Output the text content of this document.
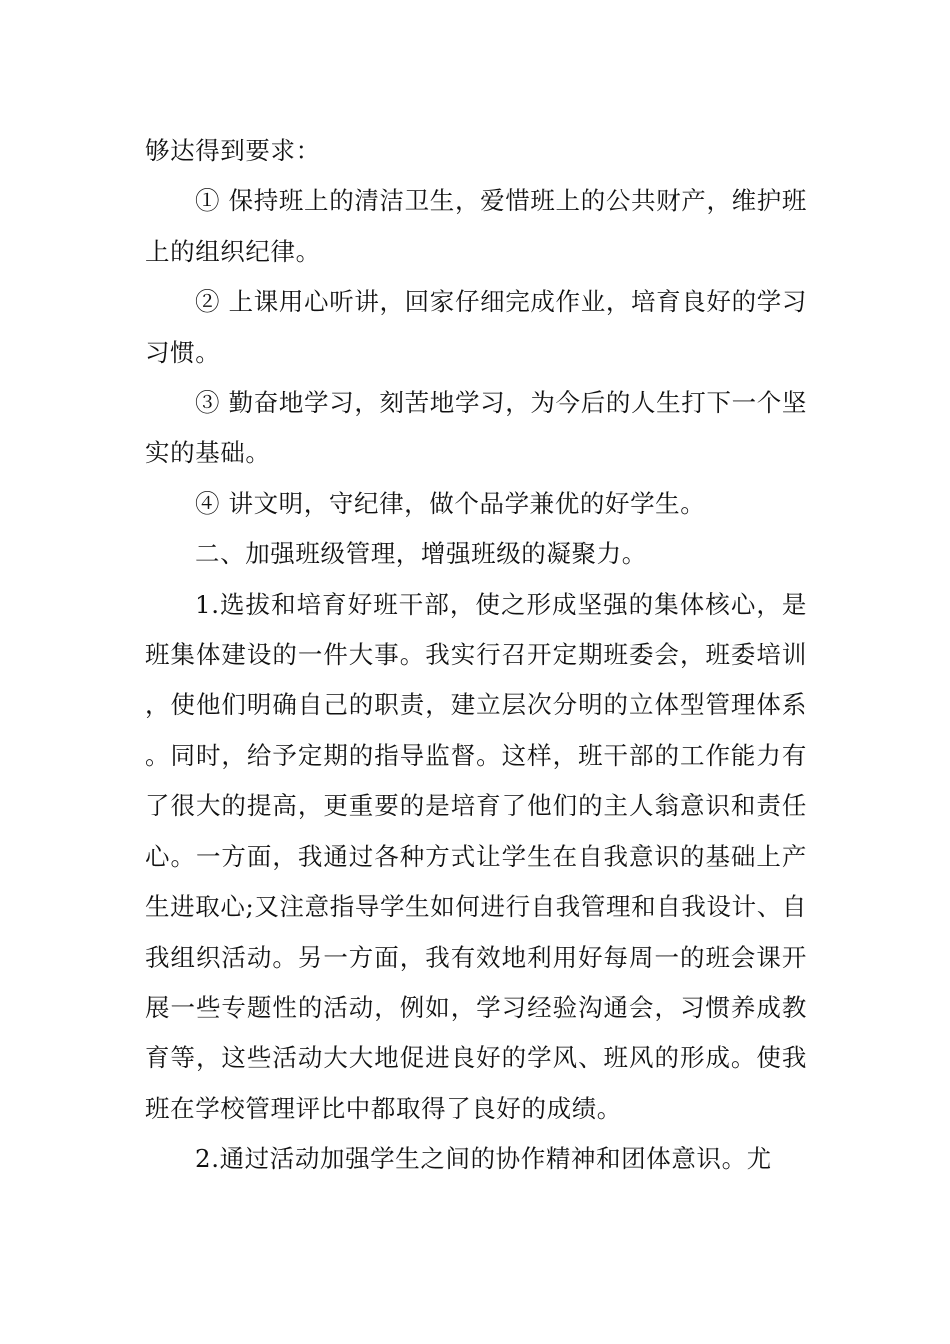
够达得到要求：

① 保持班上的清洁卫生，爱惜班上的公共财产，维护班上的组织纪律。

② 上课用心听讲，回家仔细完成作业，培育良好的学习习惯。

③ 勤奋地学习，刻苦地学习，为今后的人生打下一个坚实的基础。

④ 讲文明，守纪律，做个品学兼优的好学生。

二、加强班级管理，增强班级的凝聚力。

1.选拔和培育好班干部，使之形成坚强的集体核心，是班集体建设的一件大事。我实行召开定期班委会，班委培训，使他们明确自己的职责，建立层次分明的立体型管理体系。同时，给予定期的指导监督。这样，班干部的工作能力有了很大的提高，更重要的是培育了他们的主人翁意识和责任心。一方面，我通过各种方式让学生在自我意识的基础上产生进取心;又注意指导学生如何进行自我管理和自我设计、自我组织活动。另一方面，我有效地利用好每周一的班会课开展一些专题性的活动，例如，学习经验沟通会，习惯养成教育等，这些活动大大地促进良好的学风、班风的形成。使我班在学校管理评比中都取得了良好的成绩。

2.通过活动加强学生之间的协作精神和团体意识。尤
